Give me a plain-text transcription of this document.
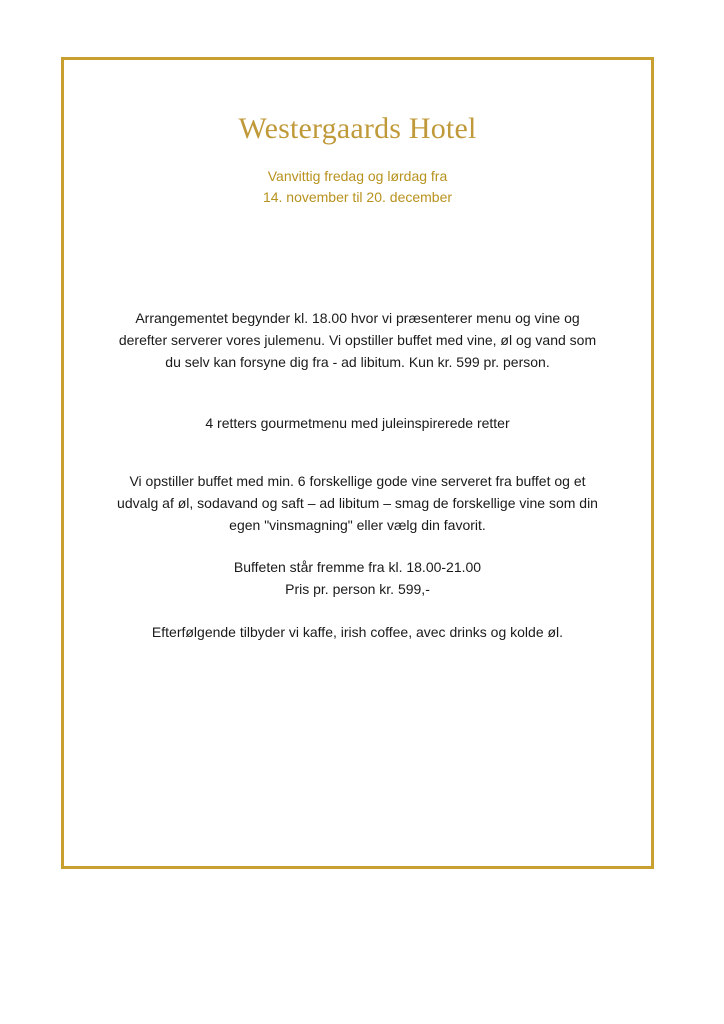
Westergaards Hotel
Vanvittig fredag og lørdag fra
14. november til 20. december
Arrangementet begynder kl. 18.00 hvor vi præsenterer menu og vine og
derefter serverer vores julemenu. Vi opstiller buffet med vine, øl og vand som
du selv kan forsyne dig fra - ad libitum. Kun kr. 599 pr. person.
4 retters gourmetmenu med juleinspirerede retter
Vi opstiller buffet med min. 6 forskellige gode vine serveret fra buffet og et
udvalg af øl, sodavand og saft – ad libitum – smag de forskellige vine som din
egen "vinsmagning" eller vælg din favorit.
Buffeten står fremme fra kl. 18.00-21.00
Pris pr. person kr. 599,-
Efterfølgende tilbyder vi kaffe, irish coffee, avec drinks og kolde øl.
